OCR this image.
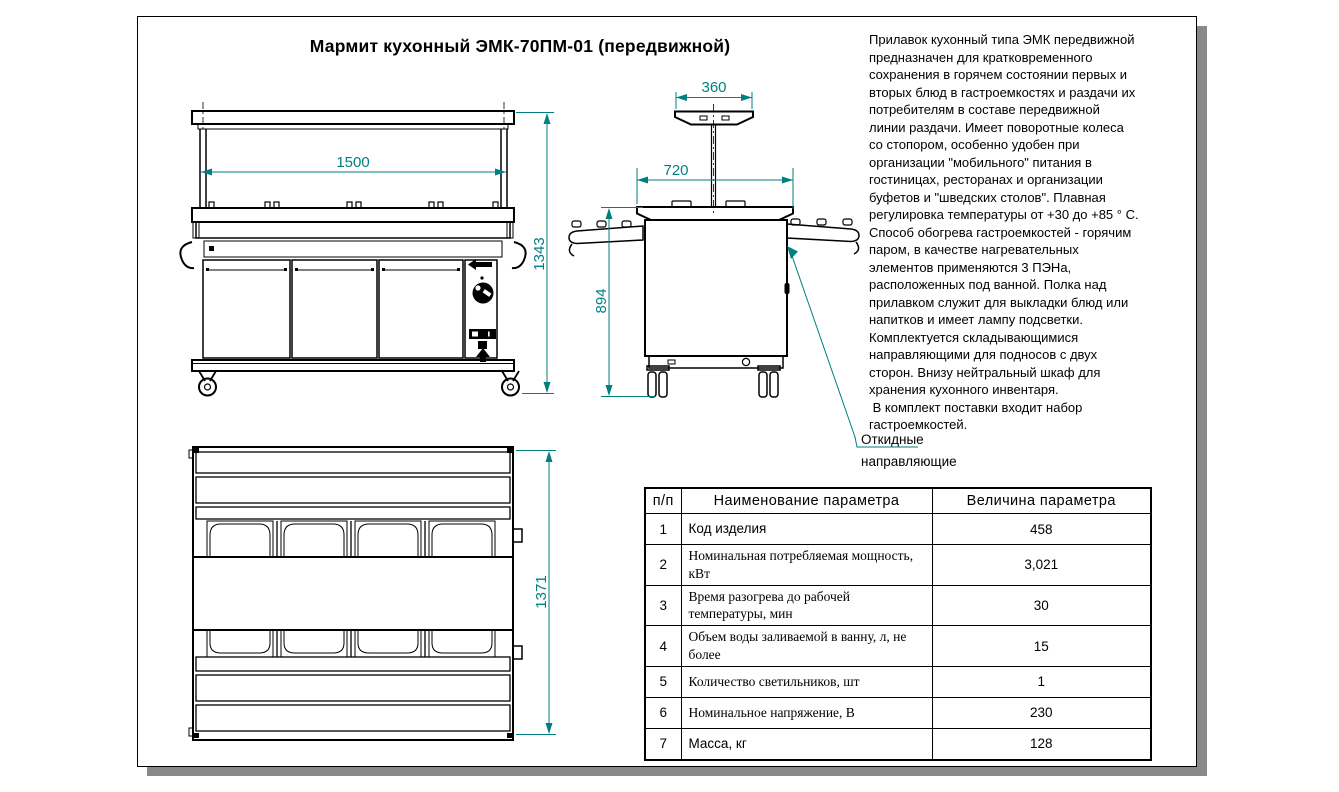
Мармит кухонный ЭМК-70ПМ-01 (передвижной)	Прилавок кухонный типа ЭМК передвижной
предназначен для кратковременного
сохранения в горячем состоянии первых и
вторых блюд в гастроемкостях и раздачи их
потребителям в составе передвижной
линии раздачи. Имеет поворотные колеса
со стопором, особенно удобен при
организации "мобильного" питания в
гостиницах, ресторанах и организации
буфетов и "шведских столов". Плавная
регулировка температуры от +30 до +85 ° С.
Способ обогрева гастроемкостей - горячим
паром, в качестве нагревательных
элементов применяются 3 ПЭНа,
расположенных под ванной. Полка над
прилавком служит для выкладки блюд или
напитков и имеет лампу подсветки.
Комплектуется складывающимися
направляющими для подносов с двух
сторон. Внизу нейтральный шкаф для
хранения кухонного инвентаря.
В комплект поставки входит набор
гастроемкостей.
Откидные
направляющие
1500
1343
360
720
894
1371
п/п	Наименование параметра	Величина параметра
1	Код изделия	458
2	Номинальная потребляемая мощность, кВт	3,021
3	Время разогрева до рабочей температуры, мин	30
4	Объем воды заливаемой в ванну, л, не более	15
5	Количество светильников, шт	1
6	Номинальное напряжение, В	230
7	Масса, кг	128
